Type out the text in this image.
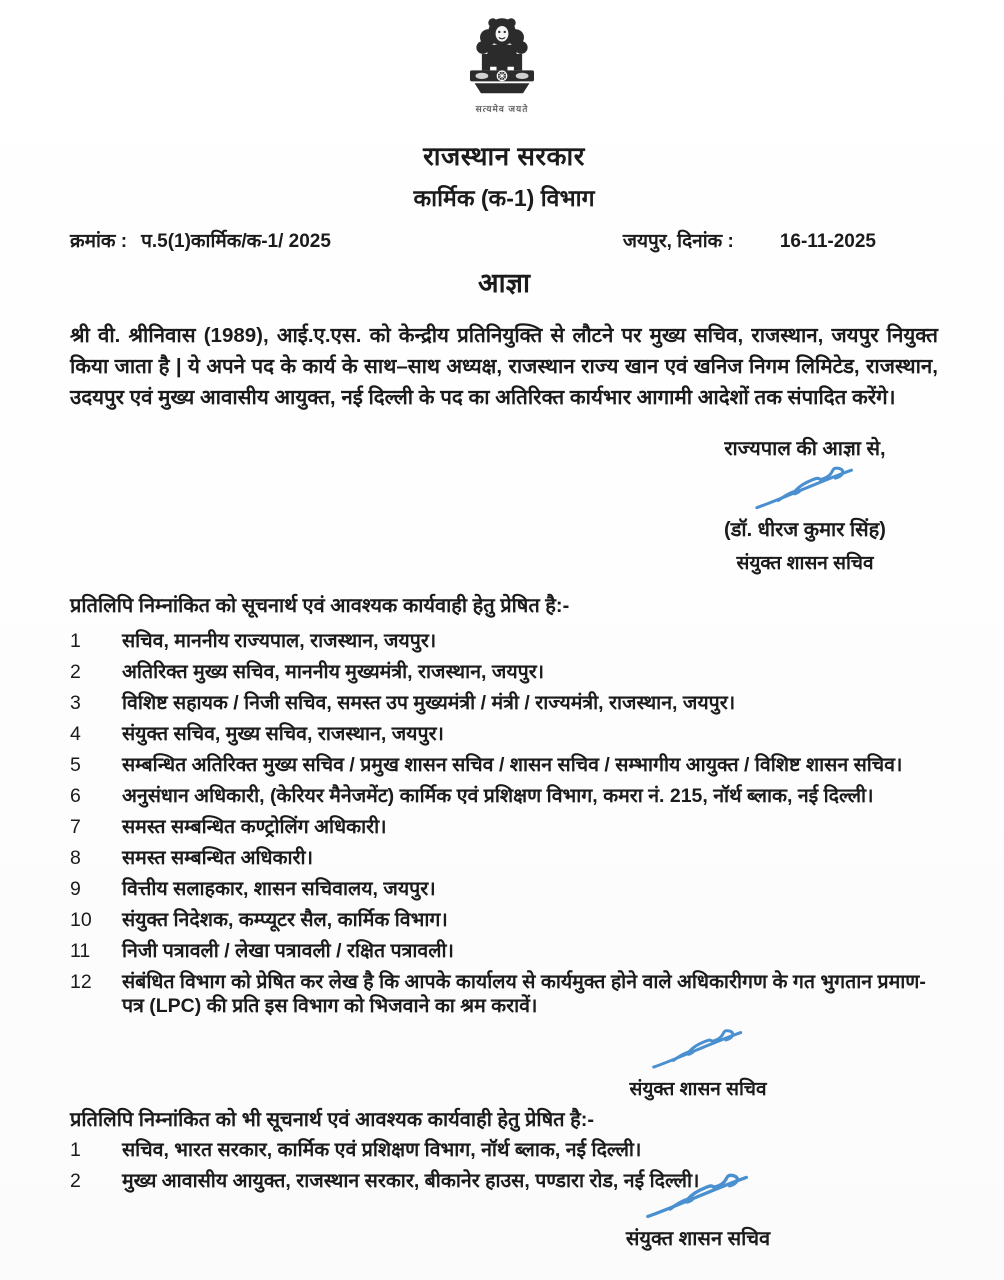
सत्यमेव जयते
राजस्थान सरकार
कार्मिक (क-1) विभाग
क्रमांक : प.5(1)कार्मिक/क-1/ 2025	जयपुर, दिनांक : 16-11-2025
आज्ञा

श्री वी. श्रीनिवास (1989), आई.ए.एस. को केन्द्रीय प्रतिनियुक्ति से लौटने पर मुख्य सचिव, राजस्थान, जयपुर नियुक्त किया जाता है | ये अपने पद के कार्य के साथ–साथ अध्यक्ष, राजस्थान राज्य खान एवं खनिज निगम लिमिटेड, राजस्थान, उदयपुर एवं मुख्य आवासीय आयुक्त, नई दिल्ली के पद का अतिरिक्त कार्यभार आगामी आदेशों तक संपादित करेंगे।

राज्यपाल की आज्ञा से,
(डॉ. धीरज कुमार सिंह)
संयुक्त शासन सचिव
प्रतिलिपि निम्नांकित को सूचनार्थ एवं आवश्यक कार्यवाही हेतु प्रेषित है:-
1	सचिव, माननीय राज्यपाल, राजस्थान, जयपुर।
2	अतिरिक्त मुख्य सचिव, माननीय मुख्यमंत्री, राजस्थान, जयपुर।
3	विशिष्ट सहायक / निजी सचिव, समस्त उप मुख्यमंत्री / मंत्री / राज्यमंत्री, राजस्थान, जयपुर।
4	संयुक्त सचिव, मुख्य सचिव, राजस्थान, जयपुर।
5	सम्बन्धित अतिरिक्त मुख्य सचिव / प्रमुख शासन सचिव / शासन सचिव / सम्भागीय आयुक्त / विशिष्ट शासन सचिव।
6	अनुसंधान अधिकारी, (केरियर मैनेजमेंट) कार्मिक एवं प्रशिक्षण विभाग, कमरा नं. 215, नॉर्थ ब्लाक, नई दिल्ली।
7	समस्त सम्बन्धित कण्ट्रोलिंग अधिकारी।
8	समस्त सम्बन्धित अधिकारी।
9	वित्तीय सलाहकार, शासन सचिवालय, जयपुर।
10	संयुक्त निदेशक, कम्प्यूटर सैल, कार्मिक विभाग।
11	निजी पत्रावली / लेखा पत्रावली / रक्षित पत्रावली।
12	संबंधित विभाग को प्रेषित कर लेख है कि आपके कार्यालय से कार्यमुक्त होने वाले अधिकारीगण के गत भुगतान प्रमाण-पत्र (LPC) की प्रति इस विभाग को भिजवाने का श्रम करावें।
संयुक्त शासन सचिव
प्रतिलिपि निम्नांकित को भी सूचनार्थ एवं आवश्यक कार्यवाही हेतु प्रेषित है:-
1	सचिव, भारत सरकार, कार्मिक एवं प्रशिक्षण विभाग, नॉर्थ ब्लाक, नई दिल्ली।
2	मुख्य आवासीय आयुक्त, राजस्थान सरकार, बीकानेर हाउस, पण्डारा रोड, नई दिल्ली।
संयुक्त शासन सचिव
